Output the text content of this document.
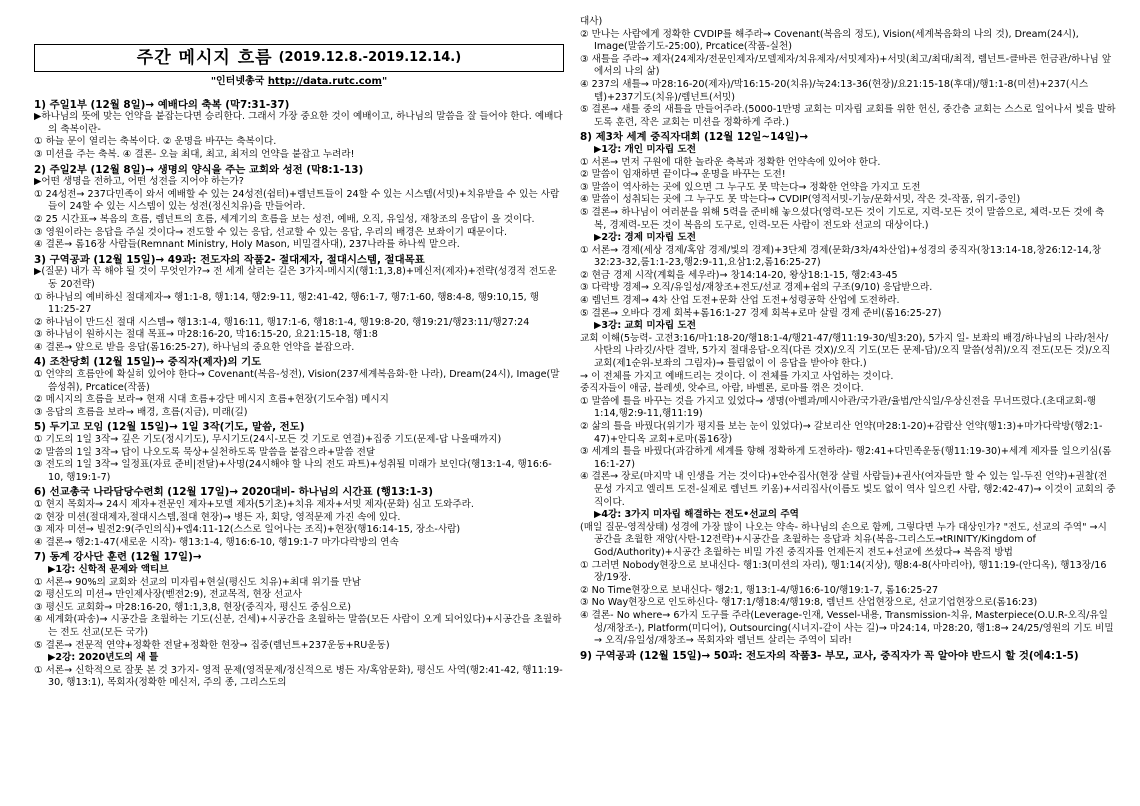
주간 메시지 흐름 (2019.12.8.-2019.12.14.)
"인터넷총국 http://data.rutc.com"
1) 주일1부 (12월 8일)→ 예배다의 축복 (막7:31-37)
▶하나님의 뜻에 맞는 언약을 붙잡는다면 승리한다. 그래서 가장 중요한 것이 예배이고, 하나님의 말씀을 잘 들어야 한다. 예배다의 축복이란-
① 하늘 문이 열리는 축복이다. ② 운명을 바꾸는 축복이다.
③ 미션을 주는 축복. ④ 결론- 오늘 최대, 최고, 최저의 언약을 붙잡고 누려라!
2) 주일2부 (12월 8일)→ 생명의 양식을 주는 교회와 성전 (막8:1-13)
▶어떤 생명을 전하고, 어떤 성전을 지어야 하는가?
① 24성전→ 237다민족이 와서 예배할 수 있는 24성전(쉼터)+렘넌트들이 24할 수 있는 시스템(서밋)+치유받을 수 있는 사람들이 24할 수 있는 시스템이 있는 성전(정신치유)을 만들어라.
② 25 시간표→ 복음의 흐름, 렘넌트의 흐름, 세계기의 흐름을 보는 성전, 예배, 오직, 유일성, 재창조의 응답이 올 것이다.
③ 영원이라는 응답을 주실 것이다→ 전도할 수 있는 응답, 선교할 수 있는 응답, 우리의 배경은 보좌이기 때문이다.
④ 결론→ 롬16장 사람들(Remnant Ministry, Holy Mason, 비밀결사대), 237나라를 하나씩 맡으라.
3) 구역공과 (12월 15일)→ 49과: 전도자의 작품2- 절대제자, 절대시스템, 절대목표
▶(질문) 내가 꼭 해야 될 것이 무엇인가?→ 전 세계 살리는 길은 3가지-메시지(행1:1,3,8)+메신저(제자)+전략(성경적 전도운동 20전략)
① 하나님의 예비하신 절대제자→ 행1:1-8, 행1:14, 행2:9-11, 행2:41-42, 행6:1-7, 행7:1-60, 행8:4-8, 행9:10,15, 행11:25-27
② 하나님이 만드신 절대 시스템→ 행13:1-4, 행16:11, 행17:1-6, 행18:1-4, 행19:8-20, 행19:21/행23:11/행27:24
③ 하나님이 원하시는 절대 목표→ 마28:16-20, 막16:15-20, 요21:15-18, 행1:8
④ 결론→ 앞으로 받을 응답(롬16:25-27), 하나님의 중요한 언약을 붙잡으라.
4) 조찬당회 (12월 15일)→ 중직자(제자)의 기도
① 언약의 흐름안에 확실히 있어야 한다→ Covenant(복음-성전), Vision(237세계복음화-한 나라), Dream(24시), Image(말씀성취), Prcatice(작품)
② 메시지의 흐름을 보라→ 현재 시대 흐름+강단 메시지 흐름+현장(기도수첩) 메시지
③ 응답의 흐름을 보라→ 배경, 흐름(지금), 미래(길)
5) 두기고 모임 (12월 15일)→ 1일 3작(기도, 말씀, 전도)
① 기도의 1일 3작→ 깊은 기도(정시기도), 무시기도(24시-모든 것 기도로 연결)+집중 기도(문제-답 나올때까지)
② 말씀의 1일 3작→ 답이 나오도록 묵상+실천하도록 말씀을 붙잡으라+말씀 전달
③ 전도의 1일 3작→ 일정표(자료 준비|전달)+사명(24시해야 할 나의 전도 파트)+성취될 미래가 보인다(행13:1-4, 행16:6-10, 행19:1-7)
6) 선교총국 나라담당수련회 (12월 17일)→ 2020대비- 하나님의 시간표 (행13:1-3)
① 현지 목회자→ 24시 제자+전문인 제자+모델 제자(5기초)+치유 제자+서밋 제자(문화) 심고 도와주라.
② 현장 미션(절대제자,절대시스템,절대 현장)→ 병든 자, 회당, 영적문제 가진 속에 있다.
③ 제자 미션→ 빌전2:9(주인의식)+엡4:11-12(스스로 일어나는 조직)+현장(행16:14-15, 장소-사람)
④ 결론→ 행2:1-47(새로운 시작)- 행13:1-4, 행16:6-10, 행19:1-7 마가다락방의 연속
7) 동계 강사단 훈련 (12월 17일)→
▶1강: 신학적 문제와 액티브
① 서론→ 90%의 교회와 선교의 미자립+현실(평신도 치유)+최대 위기를 만남
② 평신도의 미션→ 만인제사장(벧전2:9), 전교목적, 현장 선교사
③ 평신도 교회화→ 마28:16-20, 행1:1,3,8, 현장(중직자, 평신도 중심으로)
④ 세계화(파송)→ 시공간을 초월하는 기도(신분, 건세)+시공간을 초월하는 말씀(모든 사람이 오게 되어있다)+시공간을 초월하는 전도 선교(모든 국가)
⑤ 결론→ 전문적 연약+정확한 전달+정확한 현장→ 집중(렘넌트+237운동+RU운동)
▶2강: 2020년도의 새 틀
① 서론→ 신학적으로 잘못 본 것 3가지- 영적 문제(영적문제/정신적으로 병든 자/혹암문화), 평신도 사역(행2:41-42, 행11:19-30, 행13:1), 목회자(정확한 메신저, 주의 종, 그리스도의
대사)
② 만나는 사람에게 정확한 CVDIP를 해주라→ Covenant(복음의 정도), Vision(세계복음화의 나의 것), Dream(24시), Image(말씀기도-25:00), Prcatice(작품-실천)
③ 새틀을 주라→ 제자(24제자/전문인제자/모델제자/치유제자/서밋제자)+서밋(최고/최대/최적, 렘넌트-클바른 헌금관/하나님 앞에서의 나의 삶)
④ 237의 새틀→ 마28:16-20(제자)/막16:15-20(치유)/눅24:13-36(현장)/요21:15-18(후대)/행1:1-8(미션)+237(시스템)+237기도(치유)/렘넌트(서밋)
⑤ 결론→ 새틀 중의 새틀을 만들어주라.(5000-1만명 교회는 미자립 교회를 위한 헌신, 중간층 교회는 스스로 일어나서 빛을 발하도록 훈련, 작은 교회는 미션을 정확하게 주라.)
8) 제3차 세계 중직자대회 (12월 12일~14일)→
▶1강: 개인 미자립 도전
① 서론→ 먼저 구원에 대한 놀라운 축복과 정확한 언약속에 있어야 한다.
② 말씀이 임재하면 끝이다→ 운명을 바꾸는 도전!
③ 말씀이 역사하는 곳에 있으면 그 누구도 못 막는다→ 정확한 언약을 가지고 도전
④ 말씀이 성취되는 곳에 그 누구도 못 막는다→ CVDIP(영적서밋-기능/문화서밋, 작은 것-작품, 위기-증인)
⑤ 결론→ 하나님이 여러분을 위해 5력을 준비해 놓으셨다(영력-모든 것이 기도로, 지력-모든 것이 말씀으로, 체력-모든 것에 축복, 경제력-모든 것이 복음의 도구로, 인력-모든 사람이 전도와 선교의 대상이다.)
▶2강: 경제 미자립 도전
① 서론→ 경제(세상 경제/혹암 경제/빛의 경제)+3단체 경제(문화/3차/4차산업)+성경의 중직자(창13:14-18,창26:12-14,창32:23-32,룸1:1-23,행2:9-11,요삼1:2,롬16:25-27)
② 현금 경제 시작(계획을 세우라)→ 창14:14-20, 왕상18:1-15, 행2:43-45
③ 다락방 경제→ 오직/유일성/재창조+전도/선교 경제+쉼의 구조(9/10) 응답받으라.
④ 렘넌트 경제→ 4차 산업 도전+문화 산업 도전+성령공학 산업에 도전하라.
⑤ 결론→ 오바다 경제 회복+롬16:1-27 경제 회복+로마 살릴 경제 준비(롬16:25-27)
▶3강: 교회 미자립 도전
교회 이해(5능력- 고전3:16/마1:18-20/행18:1-4/행21-47/행11:19-30/빌3:20), 5가지 일- 보좌의 배경/하나님의 나라/천사/사탄의 나라깃/사탄 결박, 5가지 절대응답-오직(다른 것X)/오직 기도(모든 문제-답)/오직 말씀(성취)/오직 전도(모든 것)/오직 교회(제1순위-보좌의 그림자)→ 틀림없이 이 응답을 받아야 한다.)
→ 이 전체를 가지고 예배드리는 것이다. 이 전체를 가지고 사업하는 것이다.
중직자들이 애굽, 블레셋, 앗수르, 아람, 바벨론, 로마를 꺾은 것이다.
① 말씀에 틀을 바꾸는 것을 가지고 있었다→ 생명(아벨과/메시아관/국가관/율법/안식일/우상신전을 무너뜨렸다.(초대교회-행1:14,행2:9-11,행11:19)
② 삶의 틀을 바꿨다(위기가 평지를 보는 눈이 있었다)→ 갈보리산 언약(마28:1-20)+감람산 언약(행1:3)+마가다락방(행2:1-47)+안디옥 교회+로마(롬16장)
③ 세계의 틀을 바꿨다(과감하게 세계를 향해 정확하게 도전하라)- 행2:41+다민족운동(행11:19-30)+세계 제자를 일으키심(롬16:1-27)
④ 결론→ 장로(마지막 내 인생을 거는 것이다)+안수집사(현장 살릴 사람들)+권사(여자들만 할 수 있는 일-두진 언약)+권찰(전문성 가지고 엘리트 도전-실제로 렘넌트 키움)+서리집사(이름도 빛도 없이 역사 일으킨 사람, 행2:42-47)→ 이것이 교회의 중직이다.
▶4강: 3가지 미자립 해결하는 전도•선교의 주역
(매일 질문-영적상태) 성경에 가장 많이 나오는 약속- 하나님의 손으로 함께, 그렇다면 누가 대상인가? "전도, 선교의 주역" →시공간을 초월한 재앙(사탄-12전략)+시공간을 초월하는 응답과 치유(복음-그리스도→tRINITY/Kingdom of God/Authority)+시공간 초월하는 비밀 가진 중직자를 언제든지 전도+선교에 쓰셨다→ 복음적 방법
① 그러면 Nobody현장으로 보내신다- 행1:3(미션의 자리), 행1:14(지상), 행8:4-8(사마리아), 행11:19-(안디옥), 행13장/16장/19장.
② No Time현장으로 보내신다- 행2:1, 행13:1-4/행16:6-10/행19:1-7, 롬16:25-27
③ No Way현장으로 인도하신다- 행17:1/행18:4/행19:8, 렘넌트 산업현장으로, 선교기업현장으로(롬16:23)
④ 결론- No where→ 6가지 도구를 주라(Leverage-인재, Vessel-내용, Transmission-치유, Masterpiece(O.U.R-오직/유일성/재창조-), Platform(미디어), Outsourcing(시너지-같이 사는 길)→ 마24:14, 마28:20, 행1:8→ 24/25/영원의 기도 비밀→ 오직/유일성/재창조→ 목회자와 렘넌트 살리는 주역이 되라!
9) 구역공과 (12월 15일)→ 50과: 전도자의 작품3- 부모, 교사, 중직자가 꼭 알아야 반드시 할 것(에4:1-5)
